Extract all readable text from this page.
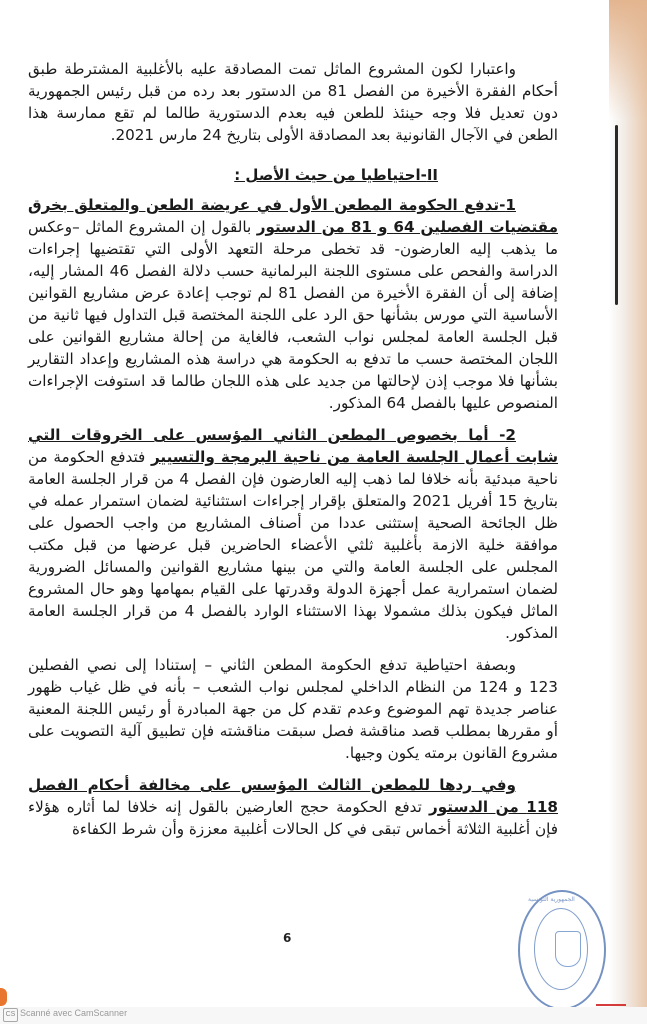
واعتبارا لكون المشروع الماثل تمت المصادقة عليه بالأغلبية المشترطة طبق أحكام الفقرة الأخيرة من الفصل 81 من الدستور بعد رده من قبل رئيس الجمهورية دون تعديل فلا وجه حينئذ للطعن فيه بعدم الدستورية طالما لم تقع ممارسة هذا الطعن في الآجال القانونية بعد المصادقة الأولى بتاريخ 24 مارس 2021.

II-احتياطيا من حيث الأصل :

1-تدفع الحكومة المطعن الأول في عريضة الطعن والمتعلق بخرق مقتضيات الفصلين 64 و 81 من الدستور بالقول إن المشروع الماثل –وعكس ما يذهب إليه العارضون- قد تخطى مرحلة التعهد الأولى التي تقتضيها إجراءات الدراسة والفحص على مستوى اللجنة البرلمانية حسب دلالة الفصل 46 المشار إليه، إضافة إلى أن الفقرة الأخيرة من الفصل 81 لم توجب إعادة عرض مشاريع القوانين الأساسية التي مورس بشأنها حق الرد على اللجنة المختصة قبل التداول فيها ثانية من قبل الجلسة العامة لمجلس نواب الشعب، فالغاية من إحالة مشاريع القوانين على اللجان المختصة حسب ما تدفع به الحكومة هي دراسة هذه المشاريع وإعداد التقارير بشأنها فلا موجب إذن لإحالتها من جديد على هذه اللجان طالما قد استوفت الإجراءات المنصوص عليها بالفصل 64 المذكور.

2- أما بخصوص المطعن الثاني المؤسس على الخروقات التي شابت أعمال الجلسة العامة من ناحية البرمجة والتسيير فتدفع الحكومة من ناحية مبدئية بأنه خلافا لما ذهب إليه العارضون فإن الفصل 4 من قرار الجلسة العامة بتاريخ 15 أفريل 2021 والمتعلق بإقرار إجراءات استثنائية لضمان استمرار عمله في ظل الجائحة الصحية إستثنى عددا من أصناف المشاريع من واجب الحصول على موافقة خلية الازمة بأغلبية ثلثي الأعضاء الحاضرين قبل عرضها من قبل مكتب المجلس على الجلسة العامة والتي من بينها مشاريع القوانين والمسائل الضرورية لضمان استمرارية عمل أجهزة الدولة وقدرتها على القيام بمهامها وهو حال المشروع الماثل فيكون بذلك مشمولا بهذا الاستثناء الوارد بالفصل 4 من قرار الجلسة العامة المذكور.

وبصفة احتياطية تدفع الحكومة المطعن الثاني – إستنادا إلى نصي الفصلين 123 و 124 من النظام الداخلي لمجلس نواب الشعب – بأنه في ظل غياب ظهور عناصر جديدة تهم الموضوع وعدم تقدم كل من جهة المبادرة أو رئيس اللجنة المعنية أو مقررها بمطلب قصد مناقشة فصل سبقت مناقشته فإن تطبيق آلية التصويت على مشروع القانون برمته يكون وجيها.

وفي ردها للمطعن الثالث المؤسس على مخالفة أحكام الفصل 118 من الدستور تدفع الحكومة حجج العارضين بالقول إنه خلافا لما أثاره هؤلاء فإن أغلبية الثلاثة أخماس تبقى في كل الحالات أغلبية معززة وأن شرط الكفاءة

6
الجمهورية التونسية
CS Scanné avec CamScanner
